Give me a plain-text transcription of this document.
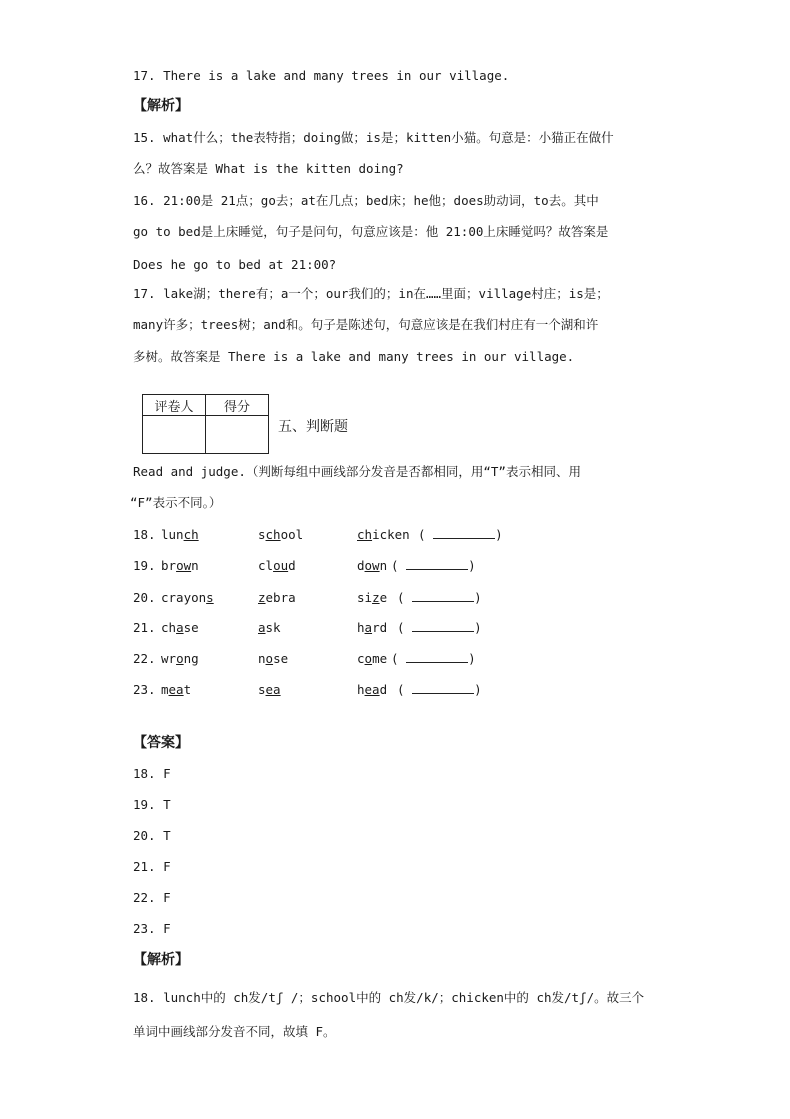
17. There is a lake and many trees in our village.
【解析】
15. what什么；the表特指；doing做；is是；kitten小猫。句意是：小猫正在做什
么？故答案是 What is the kitten doing?
16. 21:00是 21点；go去；at在几点；bed床；he他；does助动词，to去。其中
go to bed是上床睡觉，句子是问句，句意应该是：他 21:00上床睡觉吗？故答案是
Does he go to bed at 21:00?
17. lake湖；there有；a一个；our我们的；in在……里面；village村庄；is是；
many许多；trees树；and和。句子是陈述句，句意应该是在我们村庄有一个湖和许
多树。故答案是 There is a lake and many trees in our village.
评卷人	得分

五、判断题
Read and judge.（判断每组中画线部分发音是否都相同，用“T”表示相同、用
“F”表示不同。）
18. lunch	school	chicken (	)
19. brown	cloud	down (	)
20. crayons	zebra	size (	)
21. chase	ask	hard (	)
22. wrong	nose	come (	)
23. meat	sea	head (	)
【答案】
18. F
19. T
20. T
21. F
22. F
23. F
【解析】
18. lunch中的 ch发/tʃ /；school中的 ch发/k/；chicken中的 ch发/tʃ/。故三个
单词中画线部分发音不同，故填 F。
